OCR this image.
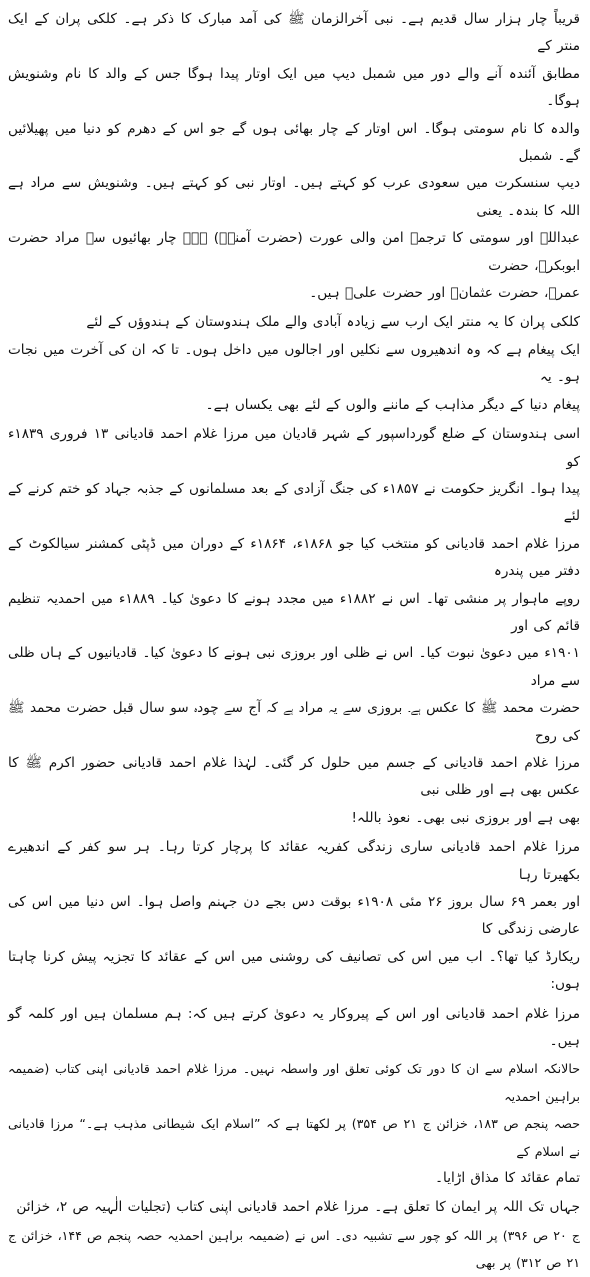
قریباً چار ہزار سال قدیم ہے۔ نبی آخرالزمان ﷺ کی آمد مبارک کا ذکر ہے۔ کلکی پران کے ایک منتر کے
مطابق آئندہ آنے والے دور میں شمبل دیپ میں ایک اوتار پیدا ہوگا جس کے والد کا نام وشنویش ہوگا۔
والدہ کا نام سومتی ہوگا۔ اس اوتار کے چار بھائی ہوں گے جو اس کے دھرم کو دنیا میں پھیلائیں گے۔ شمبل
دیپ سنسکرت میں سعودی عرب کو کہتے ہیں۔ اوتار نبی کو کہتے ہیں۔ وشنویش سے مراد ہے اللہ کا بندہ۔ یعنی
عبداللہ اور سومتی کا ترجمہ امن والی عورت (حضرت آمنہؓ) ہے۔ چار بھائیوں سے مراد حضرت ابوبکرؓ، حضرت
عمرؓ، حضرت عثمانؓ اور حضرت علیؓ ہیں۔

کلکی پران کا یہ منتر ایک ارب سے زیادہ آبادی والے ملک ہندوستان کے ہندوؤں کے لئے
ایک پیغام ہے کہ وہ اندھیروں سے نکلیں اور اجالوں میں داخل ہوں۔ تا کہ ان کی آخرت میں نجات ہو۔ یہ
پیغام دنیا کے دیگر مذاہب کے ماننے والوں کے لئے بھی یکساں ہے۔

اسی ہندوستان کے ضلع گورداسپور کے شہر قادیان میں مرزا غلام احمد قادیانی ۱۳ فروری ۱۸۳۹ء کو
پیدا ہوا۔ انگریز حکومت نے ۱۸۵۷ء کی جنگ آزادی کے بعد مسلمانوں کے جذبہ جہاد کو ختم کرنے کے لئے
مرزا غلام احمد قادیانی کو منتخب کیا جو ۱۸۶۸ء، ۱۸۶۴ء کے دوران میں ڈپٹی کمشنر سیالکوٹ کے دفتر میں پندرہ
روپے ماہوار پر منشی تھا۔ اس نے ۱۸۸۲ء میں مجدد ہونے کا دعویٰ کیا۔ ۱۸۸۹ء میں احمدیہ تنظیم قائم کی اور
۱۹۰۱ء میں دعویٰ نبوت کیا۔ اس نے ظلی اور بروزی نبی ہونے کا دعویٰ کیا۔ قادیانیوں کے ہاں ظلی سے مراد
حضرت محمد ﷺ کا عکس ہے۔ بروزی سے یہ مراد ہے کہ آج سے چودہ سو سال قبل حضرت محمد ﷺ کی روح
مرزا غلام احمد قادیانی کے جسم میں حلول کر گئی۔ لہٰذا غلام احمد قادیانی حضور اکرم ﷺ کا عکس بھی ہے اور ظلی نبی
بھی ہے اور بروزی نبی بھی۔ نعوذ باللہ!

مرزا غلام احمد قادیانی ساری زندگی کفریہ عقائد کا پرچار کرتا رہا۔ ہر سو کفر کے اندھیرے بکھیرتا رہا
اور بعمر ۶۹ سال بروز ۲۶ مئی ۱۹۰۸ء بوقت دس بجے دن جہنم واصل ہوا۔ اس دنیا میں اس کی عارضی زندگی کا
ریکارڈ کیا تھا؟۔ اب میں اس کی تصانیف کی روشنی میں اس کے عقائد کا تجزیہ پیش کرنا چاہتا ہوں:

مرزا غلام احمد قادیانی اور اس کے پیروکار یہ دعویٰ کرتے ہیں کہ: ہم مسلمان ہیں اور کلمہ گو ہیں۔
حالانکہ اسلام سے ان کا دور تک کوئی تعلق اور واسطہ نہیں۔ مرزا غلام احمد قادیانی اپنی کتاب (ضمیمہ براہین احمدیہ
حصہ پنجم ص ۱۸۳، خزائن ج ۲۱ ص ۳۵۴) پر لکھتا ہے کہ ”اسلام ایک شیطانی مذہب ہے۔“ مرزا قادیانی نے اسلام کے
تمام عقائد کا مذاق اڑایا۔

جہاں تک اللہ پر ایمان کا تعلق ہے۔ مرزا غلام احمد قادیانی اپنی کتاب (تجلیات الٰہیہ ص ۲، خزائن
ج ۲۰ ص ۳۹۶) پر اللہ کو چور سے تشبیہ دی۔ اس نے (ضمیمہ براہین احمدیہ حصہ پنجم ص ۱۴۴، خزائن ج ۲۱ ص ۳۱۲) پر بھی
